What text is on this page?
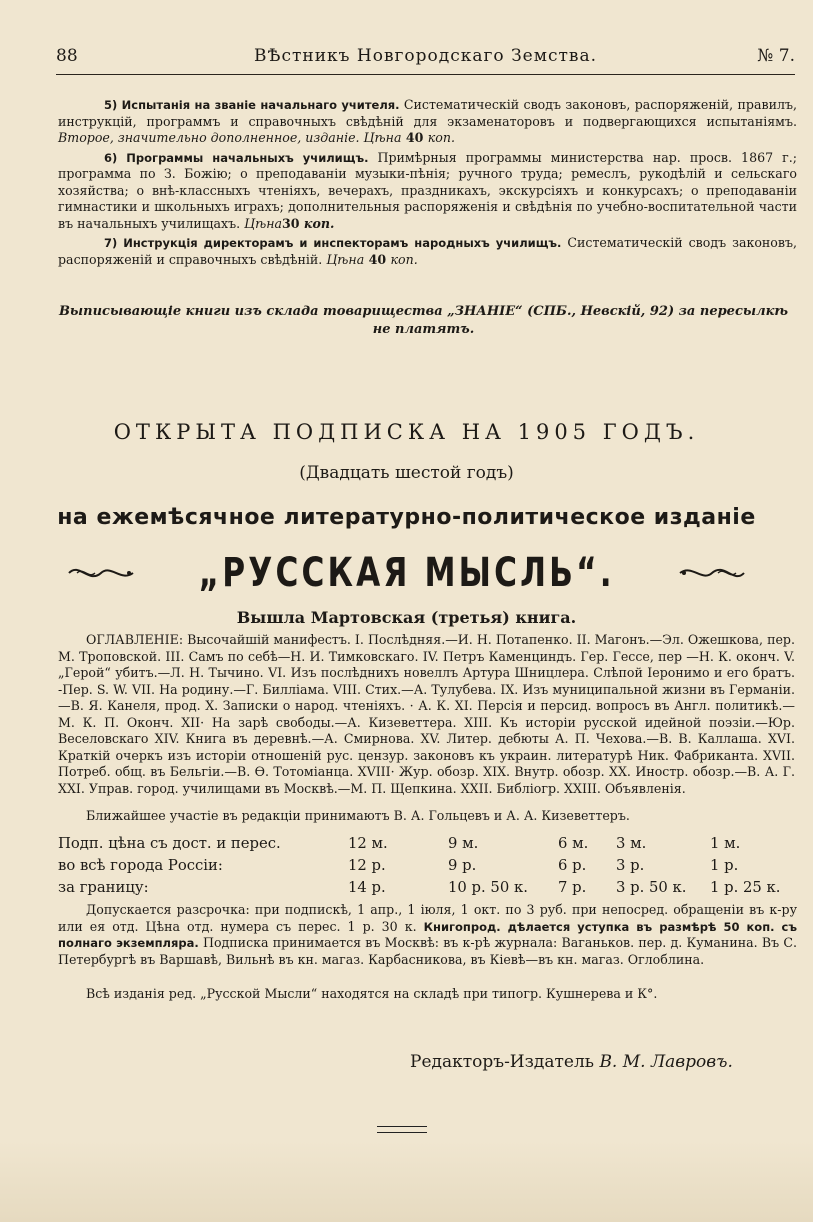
88	ВѢстникъ Новгородскаго Земства.	№ 7.

5) Испытанія на званіе начальнаго учителя. Систематическій сводъ законовъ, распоряженій, правилъ, инструкцій, программъ и справочныхъ свѣдѣній для экзаменаторовъ и подвергающихся испытаніямъ. Второе, значительно дополненное, изданіе. Цѣна 40 коп.

6) Программы начальныхъ училищъ. Примѣрныя программы министерства нар. просв. 1867 г.; программа по З. Божію; о преподаваніи музыки-пѣнія; ручного труда; ремеслъ, рукодѣлій и сельскаго хозяйства; о внѣ-классныхъ чтеніяхъ, вечерахъ, праздникахъ, экскурсіяхъ и конкурсахъ; о преподаваніи гимнастики и школьныхъ играхъ; дополнительныя распоряженія и свѣдѣнія по учебно-воспитательной части въ начальныхъ училищахъ. Цѣна30 коп.

7) Инструкція директорамъ и инспекторамъ народныхъ училищъ. Систематическій сводъ законовъ, распоряженій и справочныхъ свѣдѣній. Цѣна 40 коп.

Выписывающіе книги изъ склада товарищества „ЗНАНІЕ“ (СПБ., Невскій, 92) за пересылкѣ не платятъ.
ОТКРЫТА ПОДПИСКА НА 1905 ГОДЪ.
(Двадцать шестой годъ)
на ежемѣсячное литературно-политическое изданіе
„РУССКАЯ МЫСЛЬ“.
Вышла Мартовская (третья) книга.
ОГЛАВЛЕНІЕ: Высочайшій манифестъ. I. Послѣдняя.—И. Н. Потапенко. II. Магонъ.—Эл. Ожешкова, пер. М. Троповской. III. Самъ по себѣ—Н. И. Тимковскаго. IV. Петръ Каменциндъ. Гер. Гессе, пер —Н. К. оконч. V. „Герой“ убитъ.—Л. Н. Тычино. VI. Изъ послѣднихъ новеллъ Артура Шницлера. Слѣпой Іеронимо и его братъ. -Пер. S. W. VII. На родину.—Г. Билліама. VIII. Стих.—А. Тулубева. IX. Изъ муниципальной жизни въ Германіи.—В. Я. Канеля, прод. X. Записки о народ. чтеніяхъ. · А. К. XI. Персія и персид. вопросъ въ Англ. политикѣ.—М. К. П. Оконч. XII· На зарѣ свободы.—А. Кизеветтера. XIII. Къ исторіи русской идейной поэзіи.—Юр. Веселовскаго XIV. Книга въ деревнѣ.—А. Смирнова. XV. Литер. дебюты А. П. Чехова.—В. В. Каллаша. XVI. Краткій очеркъ изъ исторіи отношеній рус. цензур. законовъ къ украин. литературѣ Ник. Фабриканта. XVII. Потреб. общ. въ Бельгіи.—В. Ѳ. Тотоміанца. XVIII· Жур. обозр. XIX. Внутр. обозр. XX. Иностр. обозр.—В. А. Г. XXI. Управ. город. училищами въ Москвѣ.—М. П. Щепкина. XXII. Библіогр. XXIII. Объявленія.
Ближайшее участіе въ редакціи принимаютъ В. А. Гольцевъ и А. А. Кизеветтеръ.
Подп. цѣна съ дост. и перес.	12 м.	9 м.	6 м.	3 м.	1 м.
во всѣ города Россіи:	12 р.	9 р.	6 р.	3 р.	1 р.
за границу:	14 р.	10 р. 50 к.	7 р.	3 р. 50 к.	1 р. 25 к.
Допускается разсрочка: при подпискѣ, 1 апр., 1 іюля, 1 окт. по 3 руб. при непосред. обращеніи въ к-ру или ея отд. Цѣна отд. нумера съ перес. 1 р. 30 к. Книгопрод. дѣлается уступка въ размѣрѣ 50 коп. съ полнаго экземпляра. Подписка принимается въ Москвѣ: въ к-рѣ журнала: Ваганьков. пер. д. Куманина. Въ С. Петербургѣ въ Варшавѣ, Вильнѣ въ кн. магаз. Карбасникова, въ Кіевѣ—въ кн. магаз. Оглоблина.
Всѣ изданія ред. „Русской Мысли“ находятся на складѣ при типогр. Кушнерева и К°.
Редакторъ-Издатель В. М. Лавровъ.
